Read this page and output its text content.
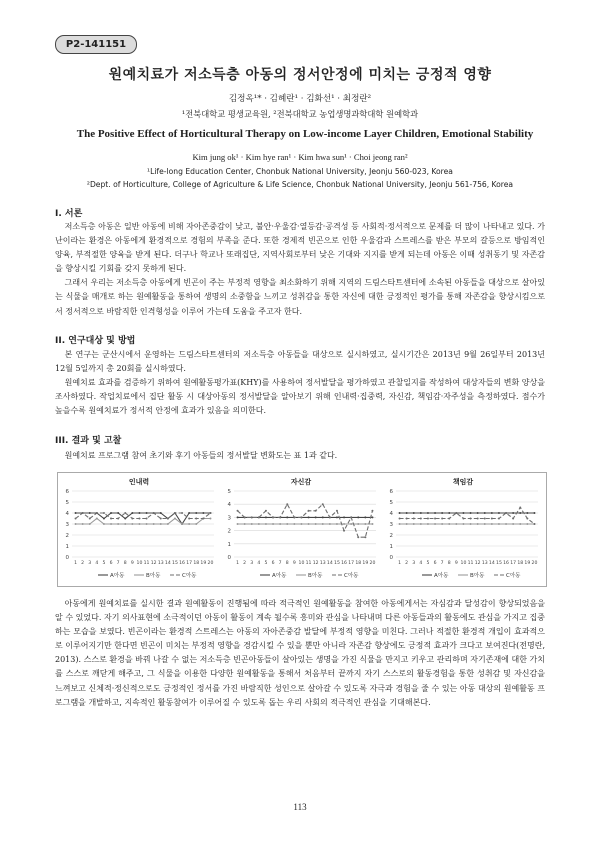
P2-141151
원예치료가 저소득층 아동의 정서안정에 미치는 긍정적 영향
김정옥¹* · 김혜란¹ · 김화선¹ · 최정란²
¹전북대학교 평생교육원, ²전북대학교 농업생명과학대학 원예학과
The Positive Effect of Horticultural Therapy on Low-income Layer Children, Emotional Stability
Kim jung ok¹ · Kim hye ran¹ · Kim hwa sun¹ · Choi jeong ran²
¹Life-long Education Center, Chonbuk National University, Jeonju 560-023, Korea
²Dept. of Horticulture, College of Agriculture & Life Science, Chonbuk National University, Jeonju 561-756, Korea
I. 서론

저소득층 아동은 일반 아동에 비해 자아존중감이 낮고, 불안·우울감·열등감·공격성 등 사회적·정서적으로 문제를 더 많이 나타내고 있다. 가난이라는 환경은 아동에게 환경적으로 경험의 부족을 준다. 또한 경제적 빈곤으로 인한 우울감과 스트레스를 받은 부모의 갈등으로 방임적인 양육, 부적절한 양육을 받게 된다. 더구나 학교나 또래집단, 지역사회로부터 낮은 기대와 지지를 받게 되는데 아동은 이때 성취동기 및 자존감을 향상시킬 기회를 갖지 못하게 된다.

그래서 우리는 저소득층 아동에게 빈곤이 주는 부정적 영향을 최소화하기 위해 지역의 드림스타트센터에 소속된 아동들을 대상으로 살아있는 식물을 매개로 하는 원예활동을 통하여 생명의 소중함을 느끼고 성취감을 통한 자신에 대한 긍정적인 평가를 통해 자존감을 향상시킴으로서 정서적으로 바람직한 인격형성을 이루어 가는데 도움을 주고자 한다.

II. 연구대상 및 방법

본 연구는 군산시에서 운영하는 드림스타트센터의 저소득층 아동들을 대상으로 실시하였고, 실시기간은 2013년 9월 26일부터 2013년 12월 5일까지 총 20회를 실시하였다.

원예치료 효과를 검증하기 위하여 원예활동평가표(KHY)를 사용하여 정서발달을 평가하였고 관찰일지를 작성하여 대상자들의 변화 양상을 조사하였다. 작업치료에서 집단 활동 시 대상아동의 정서발달을 알아보기 위해 인내력·집중력, 자신감, 책임감·자주성을 측정하였다. 점수가 높을수록 원예치료가 정서적 안정에 효과가 있음을 의미한다.

III. 결과 및 고찰

원예치료 프로그램 참여 초기와 후기 아동들의 정서발달 변화도는 표 1과 같다.

인내력
0
1
2
3
4
5
6
1 2 3 4 5 6 7 8 9 10 11 12 13 14 15 16 17 18 19 20
A아동	B아동	C아동
자신감
0
1
2
3
4
5
1 2 3 4 5 6 7 8 9 10 11 12 13 14 15 16 17 18 19 20
A아동	B아동	C아동
책임감
0
1
2
3
4
5
6
1 2 3 4 5 6 7 8 9 10 11 12 13 14 15 16 17 18 19 20
A아동	B아동	C아동

아동에게 원예치료를 실시한 결과 원예활동이 진행됨에 따라 적극적인 원예활동을 참여한 아동에게서는 자심감과 달성감이 향상되었음을 알 수 있었다. 자기 의사표현에 소극적이던 아동이 활동이 계속 될수록 흥미와 관심을 나타내며 다른 아동들과의 활동에도 관심을 가지고 집중하는 모습을 보였다. 빈곤이라는 환경적 스트레스는 아동의 자아존중감 발달에 부정적 영향을 미친다. 그러나 적절한 환경적 개입이 효과적으로 이루어지기만 한다면 빈곤이 미치는 부정적 영향을 경감시킬 수 있을 뿐만 아니라 자존감 향상에도 긍정적 효과가 크다고 보여진다(전명란, 2013). 스스로 환경을 바꿔 나갈 수 없는 저소득층 빈곤아동들이 살아있는 생명을 가진 식물을 만지고 키우고 관리하며 자기존재에 대한 가치를 스스로 깨닫게 해주고, 그 식물을 이용한 다양한 원예활동을 통해서 처음부터 끝까지 자기 스스로의 활동경험을 통한 성취감 및 자신감을 느껴보고 신체적·정신적으로도 긍정적인 정서를 가진 바람직한 성인으로 살아갈 수 있도록 자극과 경험을 줄 수 있는 아동 대상의 원예활동 프로그램을 개발하고, 지속적인 활동참여가 이루어질 수 있도록 돕는 우리 사회의 적극적인 관심을 기대해본다.

113
